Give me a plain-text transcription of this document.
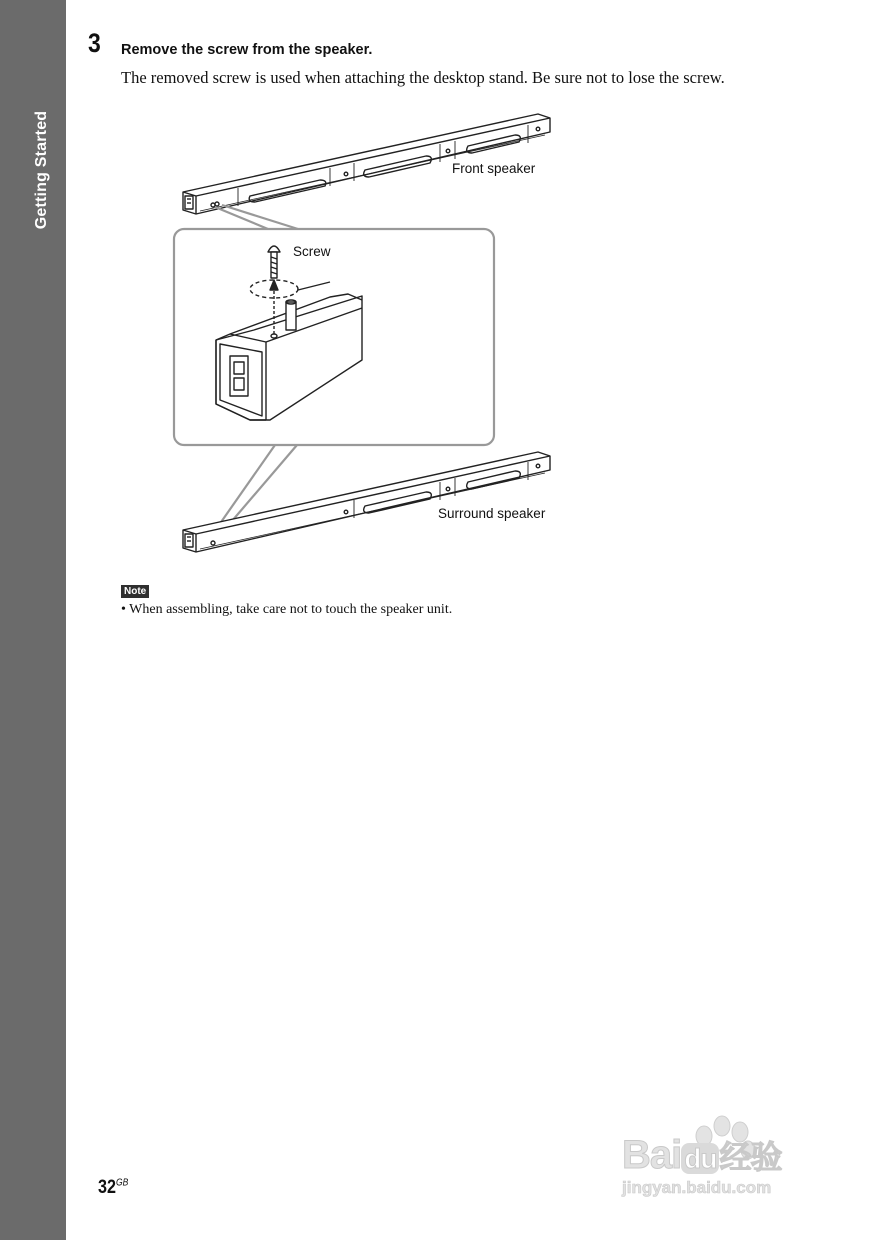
Getting Started
3 Remove the screw from the speaker.
The removed screw is used when attaching the desktop stand. Be sure not to lose the screw.
Front speaker
Screw
Surround speaker
Note
• When assembling, take care not to touch the speaker unit.
$32^{GB}$
Bai du经验
jingyan.baidu.com
